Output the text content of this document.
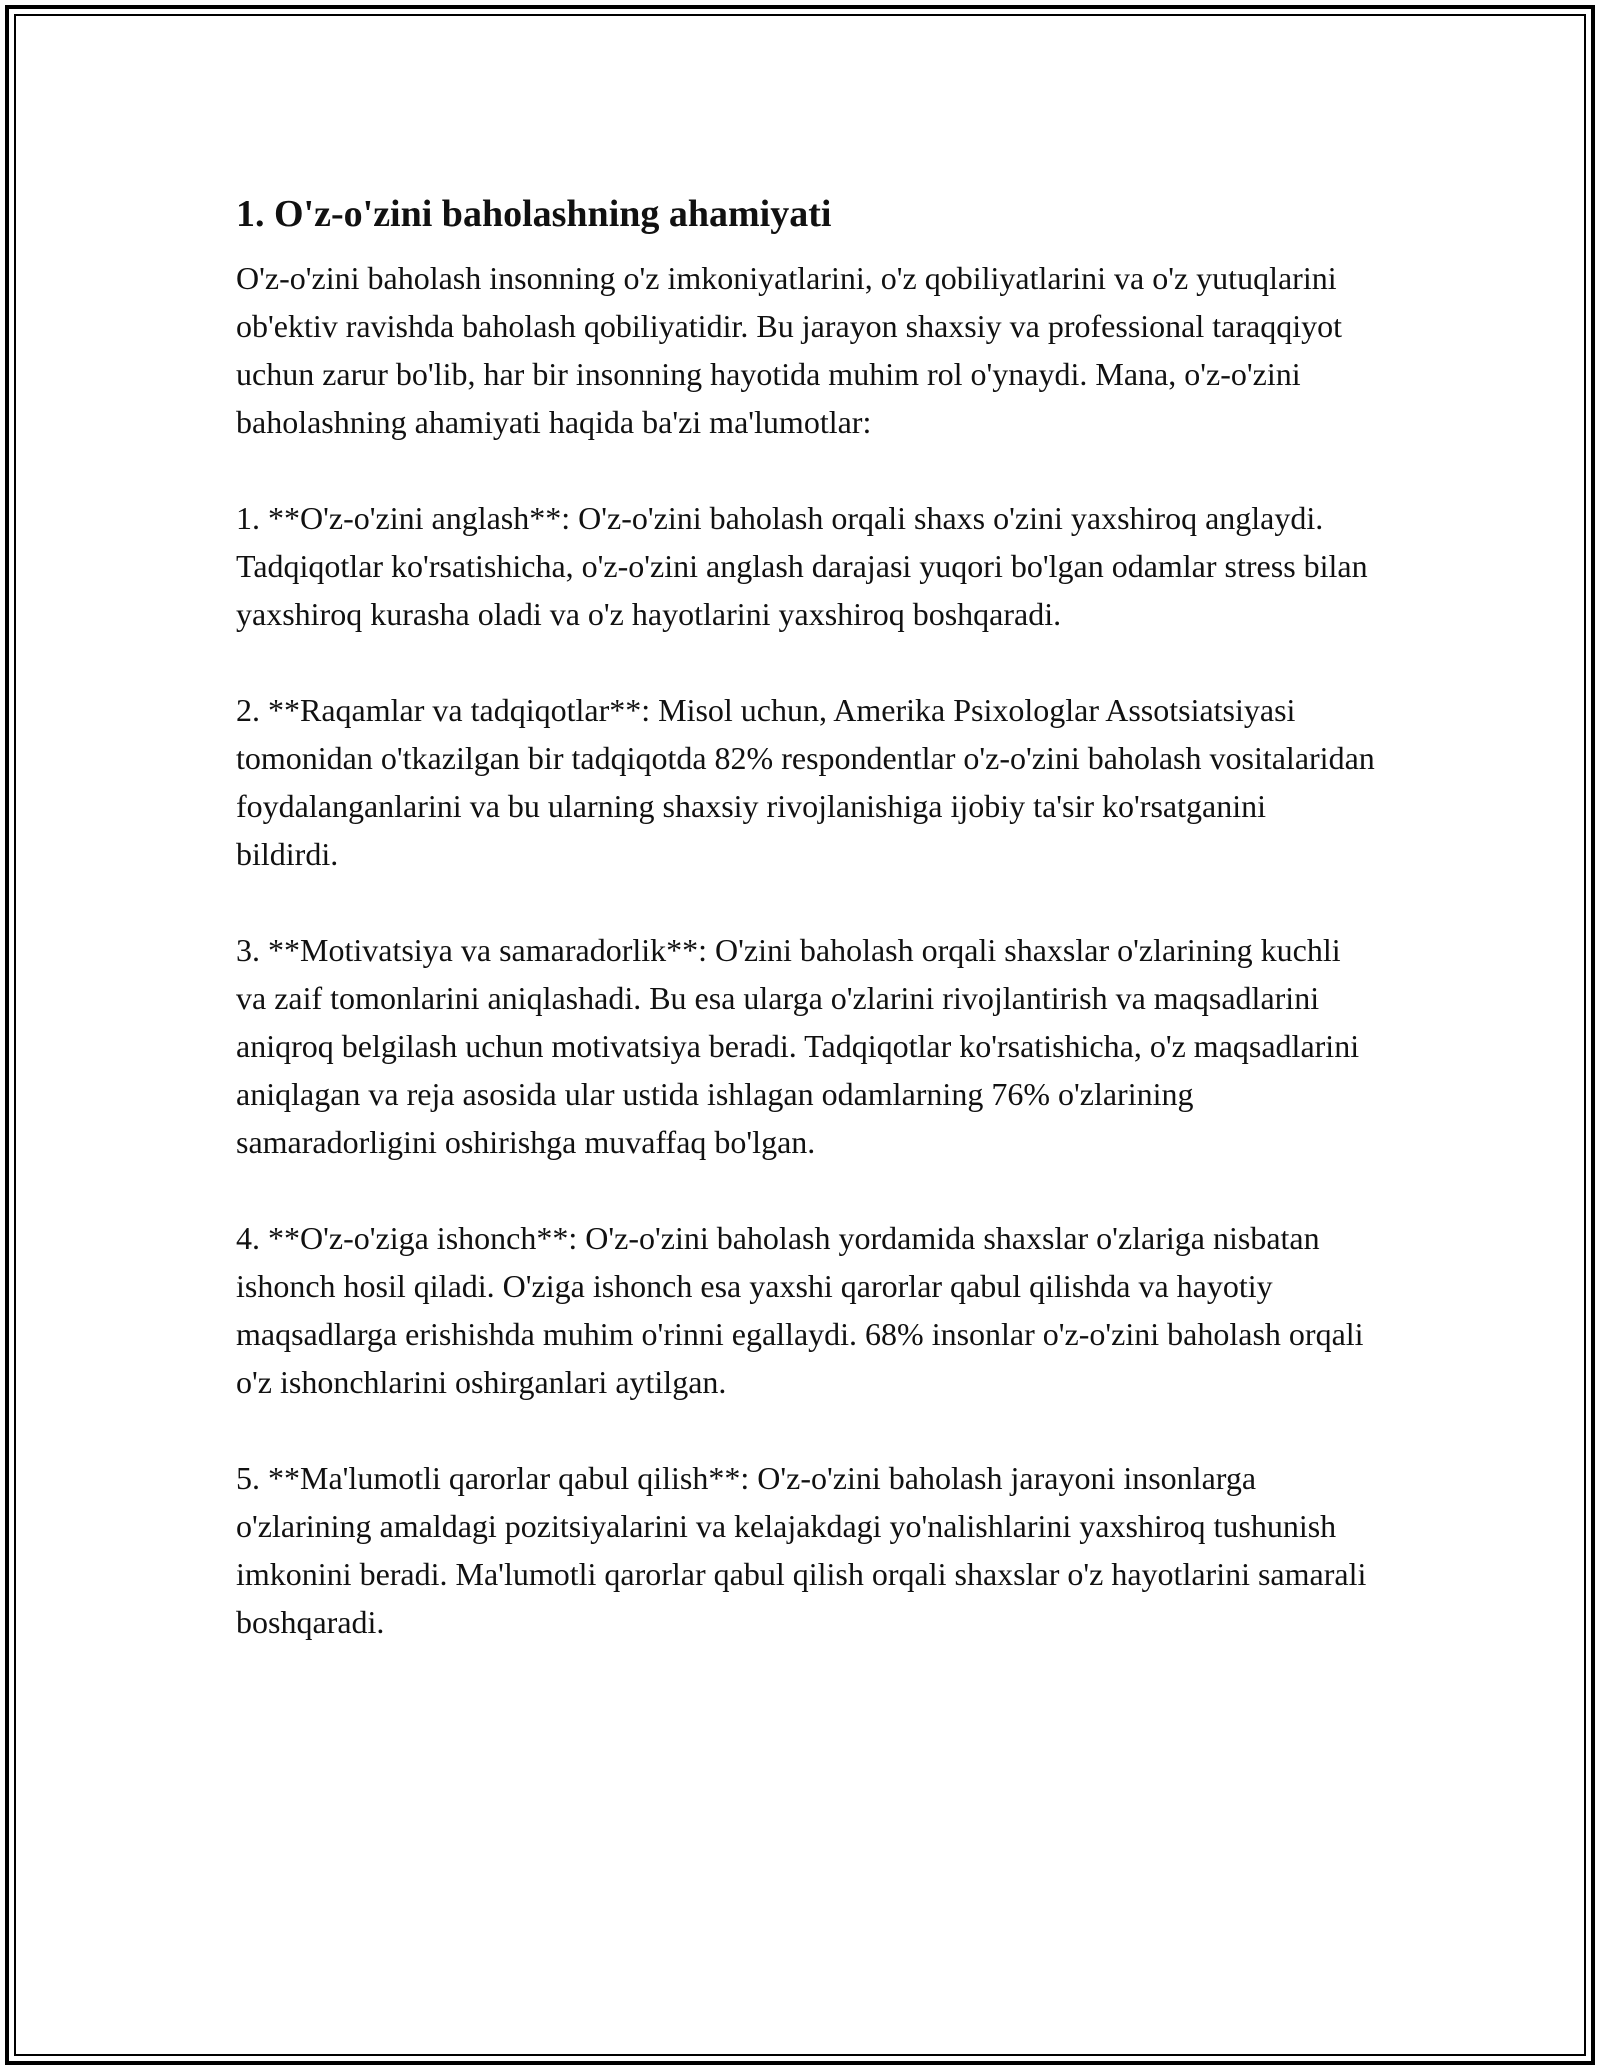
1. O'z-o'zini baholashning ahamiyati

O'z-o'zini baholash insonning o'z imkoniyatlarini, o'z qobiliyatlarini va o'z yutuqlarini ob'ektiv ravishda baholash qobiliyatidir. Bu jarayon shaxsiy va professional taraqqiyot uchun zarur bo'lib, har bir insonning hayotida muhim rol o'ynaydi. Mana, o'z-o'zini baholashning ahamiyati haqida ba'zi ma'lumotlar:

1. **O'z-o'zini anglash**: O'z-o'zini baholash orqali shaxs o'zini yaxshiroq anglaydi. Tadqiqotlar ko'rsatishicha, o'z-o'zini anglash darajasi yuqori bo'lgan odamlar stress bilan yaxshiroq kurasha oladi va o'z hayotlarini yaxshiroq boshqaradi.

2. **Raqamlar va tadqiqotlar**: Misol uchun, Amerika Psixologlar Assotsiatsiyasi tomonidan o'tkazilgan bir tadqiqotda 82% respondentlar o'z-o'zini baholash vositalaridan foydalanganlarini va bu ularning shaxsiy rivojlanishiga ijobiy ta'sir ko'rsatganini bildirdi.

3. **Motivatsiya va samaradorlik**: O'zini baholash orqali shaxslar o'zlarining kuchli va zaif tomonlarini aniqlashadi. Bu esa ularga o'zlarini rivojlantirish va maqsadlarini aniqroq belgilash uchun motivatsiya beradi. Tadqiqotlar ko'rsatishicha, o'z maqsadlarini aniqlagan va reja asosida ular ustida ishlagan odamlarning 76% o'zlarining samaradorligini oshirishga muvaffaq bo'lgan.

4. **O'z-o'ziga ishonch**: O'z-o'zini baholash yordamida shaxslar o'zlariga nisbatan ishonch hosil qiladi. O'ziga ishonch esa yaxshi qarorlar qabul qilishda va hayotiy maqsadlarga erishishda muhim o'rinni egallaydi. 68% insonlar o'z-o'zini baholash orqali o'z ishonchlarini oshirganlari aytilgan.

5. **Ma'lumotli qarorlar qabul qilish**: O'z-o'zini baholash jarayoni insonlarga o'zlarining amaldagi pozitsiyalarini va kelajakdagi yo'nalishlarini yaxshiroq tushunish imkonini beradi. Ma'lumotli qarorlar qabul qilish orqali shaxslar o'z hayotlarini samarali boshqaradi.
